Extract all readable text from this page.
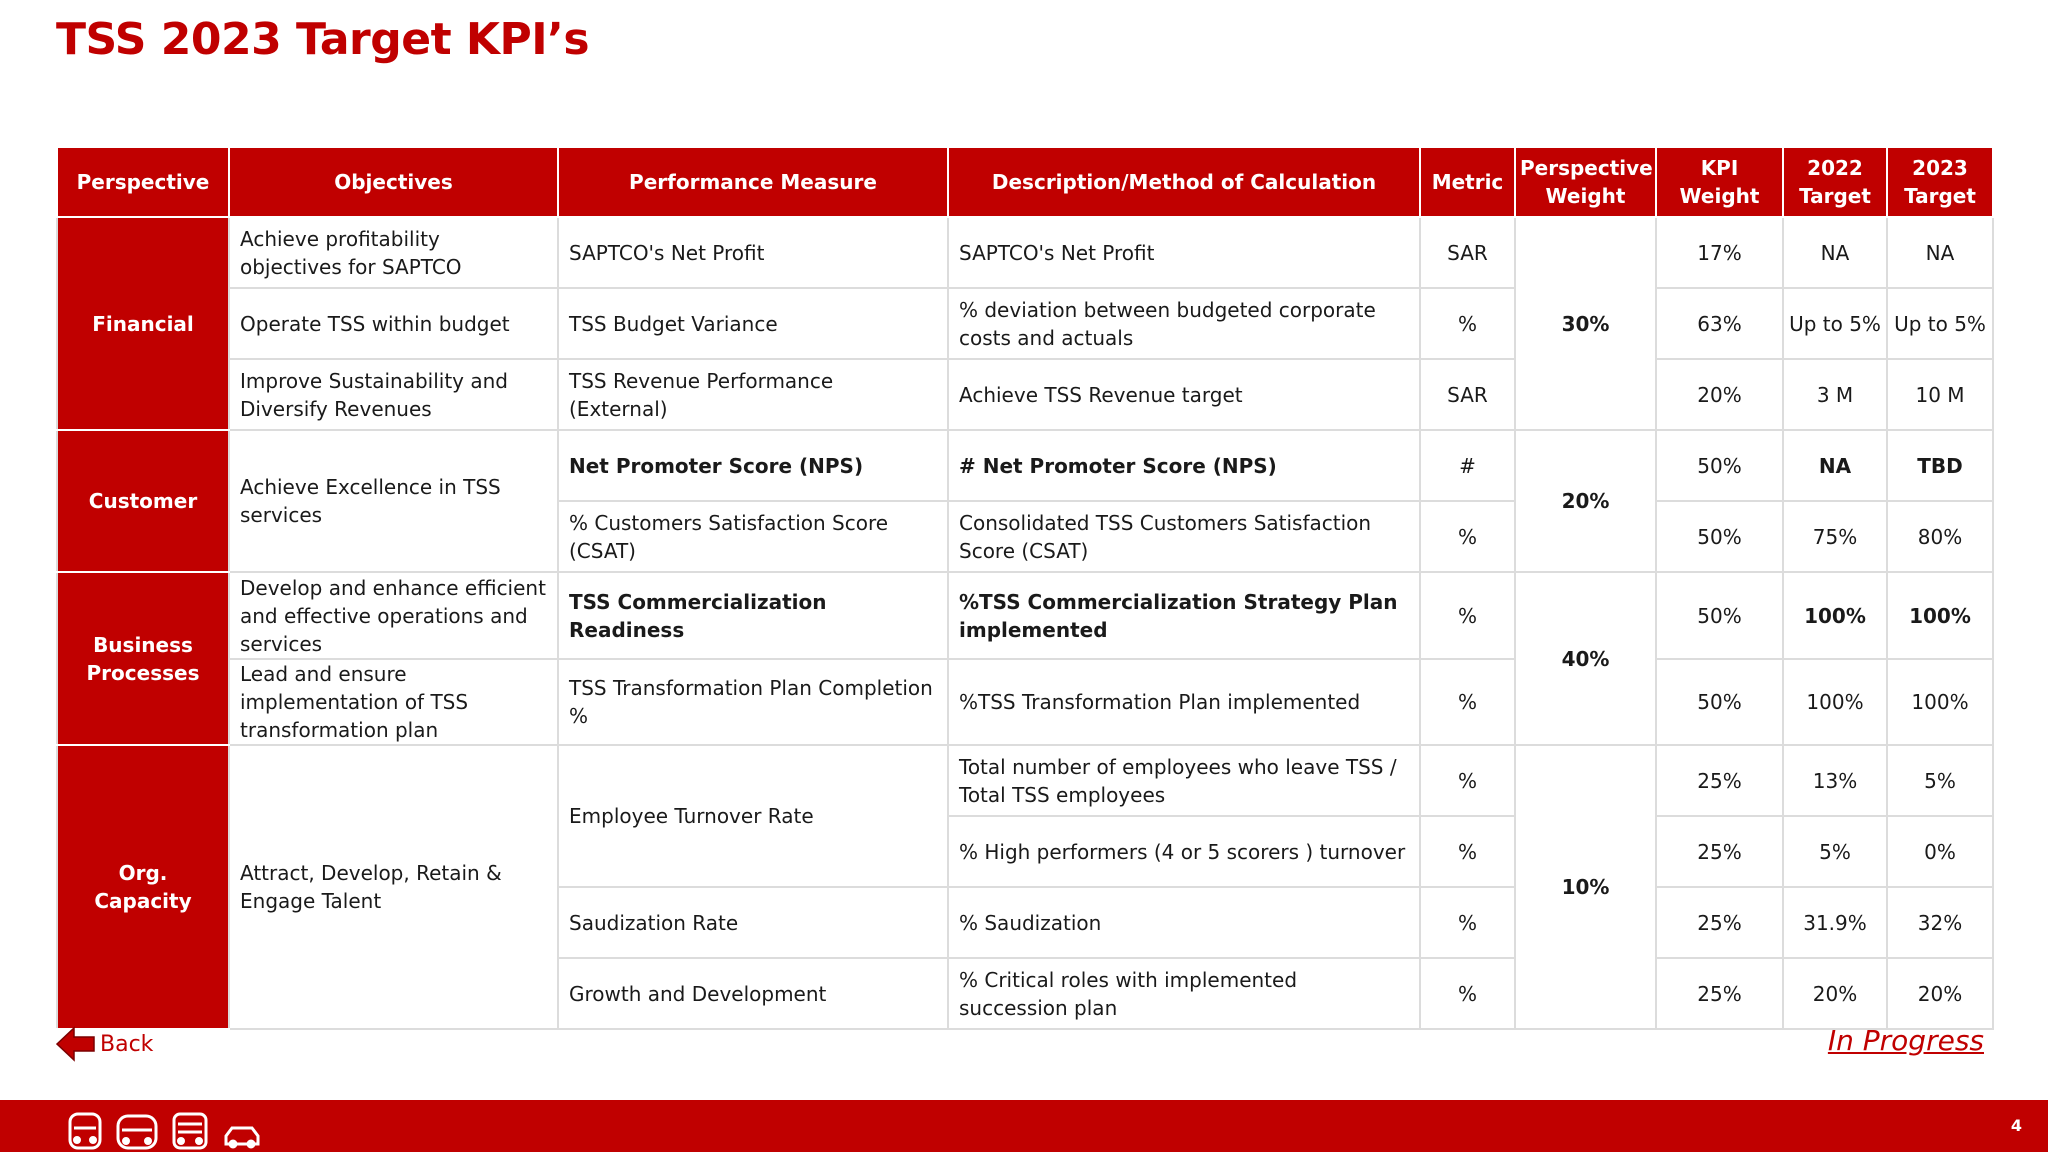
TSS 2023 Target KPI’s
Perspective	Objectives	Performance Measure	Description/Method of Calculation	Metric	Perspective Weight	KPI Weight	2022 Target	2023 Target
Financial	Achieve profitability objectives for SAPTCO	SAPTCO's Net Profit	SAPTCO's Net Profit	SAR	30%	17%	NA	NA
	Operate TSS within budget	TSS Budget Variance	% deviation between budgeted corporate costs and actuals	%		63%	Up to 5%	Up to 5%
	Improve Sustainability and Diversify Revenues	TSS Revenue Performance (External)	Achieve TSS Revenue target	SAR		20%	3 M	10 M
Customer	Achieve Excellence in TSS services	Net Promoter Score (NPS)	# Net Promoter Score (NPS)	#	20%	50%	NA	TBD
		% Customers Satisfaction Score (CSAT)	Consolidated TSS Customers Satisfaction Score (CSAT)	%		50%	75%	80%
Business Processes	Develop and enhance efficient and effective operations and services	TSS Commercialization Readiness	%TSS Commercialization Strategy Plan implemented	%	40%	50%	100%	100%
	Lead and ensure implementation of TSS transformation plan	TSS Transformation Plan Completion %	%TSS Transformation Plan implemented	%		50%	100%	100%
Org. Capacity	Attract, Develop, Retain & Engage Talent	Employee Turnover Rate	Total number of employees who leave TSS / Total TSS employees	%	10%	25%	13%	5%
			% High performers (4 or 5 scorers ) turnover	%		25%	5%	0%
		Saudization Rate	% Saudization	%		25%	31.9%	32%
		Growth and Development	% Critical roles with implemented succession plan	%		25%	20%	20%
Back	In Progress
4
